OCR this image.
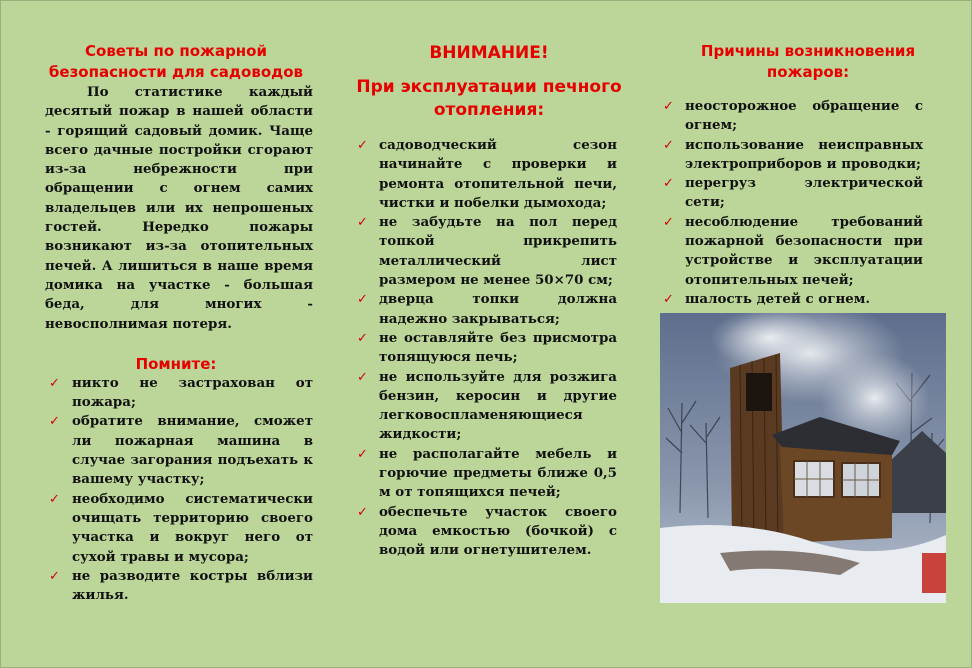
Советы по пожарной безопасности для садоводов

По статистике каждый десятый пожар в нашей области - горящий садовый домик. Чаще всего дачные постройки сгорают из-за небрежности при обращении с огнем самих владельцев или их непрошеных гостей. Нередко пожары возникают из-за отопительных печей. А лишиться в наше время домика на участке - большая беда, для многих - невосполнимая потеря.

Помните:
✓ никто не застрахован от пожара;
✓ обратите внимание, сможет ли пожарная машина в случае загорания подъехать к вашему участку;
✓ необходимо систематически очищать территорию своего участка и вокруг него от сухой травы и мусора;
✓ не разводите костры вблизи жилья.
ВНИМАНИЕ!
При эксплуатации печного отопления:
✓ садоводческий сезон начинайте с проверки и ремонта отопительной печи, чистки и побелки дымохода;
✓ не забудьте на пол перед топкой прикрепить металлический лист размером не менее 50×70 см;
✓ дверца топки должна надежно закрываться;
✓ не оставляйте без присмотра топящуюся печь;
✓ не используйте для розжига бензин, керосин и другие легковоспламеняющиеся жидкости;
✓ не располагайте мебель и горючие предметы ближе 0,5 м от топящихся печей;
✓ обеспечьте участок своего дома емкостью (бочкой) с водой или огнетушителем.
Причины возникновения пожаров:
✓ неосторожное обращение с огнем;
✓ использование неисправных электроприборов и проводки;
✓ перегруз электрической сети;
✓ несоблюдение требований пожарной безопасности при устройстве и эксплуатации отопительных печей;
✓ шалость детей с огнем.
